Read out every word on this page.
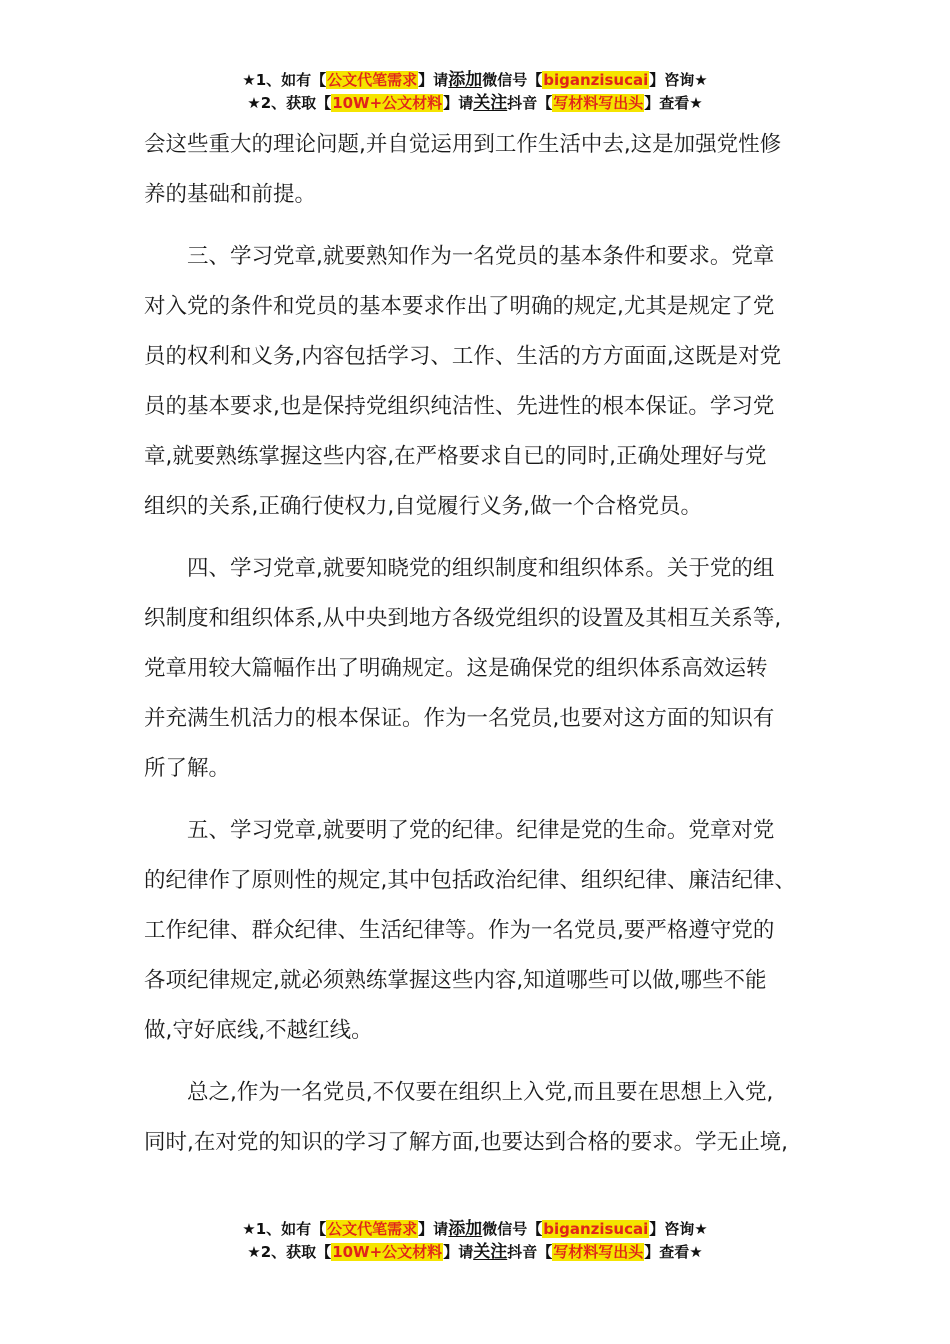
★1、如有【公文代笔需求】请添加微信号【biganzisucai】咨询★
★2、获取【10W+公文材料】请关注抖音【写材料写出头】查看★

会这些重大的理论问题,并自觉运用到工作生活中去,这是加强党性修
养的基础和前提。

三、学习党章,就要熟知作为一名党员的基本条件和要求。党章
对入党的条件和党员的基本要求作出了明确的规定,尤其是规定了党
员的权利和义务,内容包括学习、工作、生活的方方面面,这既是对党
员的基本要求,也是保持党组织纯洁性、先进性的根本保证。学习党
章,就要熟练掌握这些内容,在严格要求自已的同时,正确处理好与党
组织的关系,正确行使权力,自觉履行义务,做一个合格党员。

四、学习党章,就要知晓党的组织制度和组织体系。关于党的组
织制度和组织体系,从中央到地方各级党组织的设置及其相互关系等,
党章用较大篇幅作出了明确规定。这是确保党的组织体系高效运转
并充满生机活力的根本保证。作为一名党员,也要对这方面的知识有
所了解。

五、学习党章,就要明了党的纪律。纪律是党的生命。党章对党
的纪律作了原则性的规定,其中包括政治纪律、组织纪律、廉洁纪律、
工作纪律、群众纪律、生活纪律等。作为一名党员,要严格遵守党的
各项纪律规定,就必须熟练掌握这些内容,知道哪些可以做,哪些不能
做,守好底线,不越红线。

总之,作为一名党员,不仅要在组织上入党,而且要在思想上入党,
同时,在对党的知识的学习了解方面,也要达到合格的要求。学无止境,

★1、如有【公文代笔需求】请添加微信号【biganzisucai】咨询★
★2、获取【10W+公文材料】请关注抖音【写材料写出头】查看★
